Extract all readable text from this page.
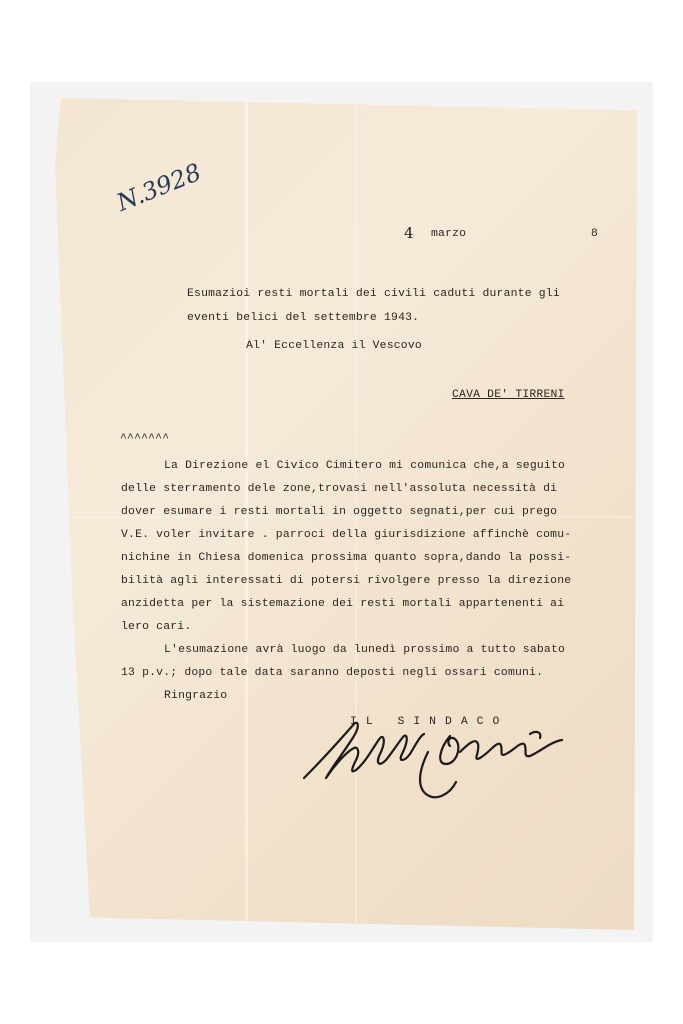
N.3928
4 marzo	8
Esumazioi resti mortali dei civili caduti durante gli
eventi belici del settembre 1943.
Al' Eccellenza il Vescovo
CAVA DE' TIRRENI
^^^^^^^
La Direzione el Civico Cimitero mi comunica che,a seguito
delle sterramento dele zone,trovasi nell'assoluta necessità di
dover esumare i resti mortali in oggetto segnati,per cui prego
V.E. voler invitare . parroci della giurisdizione affinchè comu-
nichine in Chiesa domenica prossima quanto sopra,dando la possi-
bilità agli interessati di potersi rivolgere presso la direzione
anzidetta per la sistemazione dei resti mortali appartenenti ai
lero cari.
L'esumazione avrà luogo da lunedì prossimo a tutto sabato
13 p.v.; dopo tale data saranno deposti negli ossari comuni.
Ringrazio
IL SINDACO
